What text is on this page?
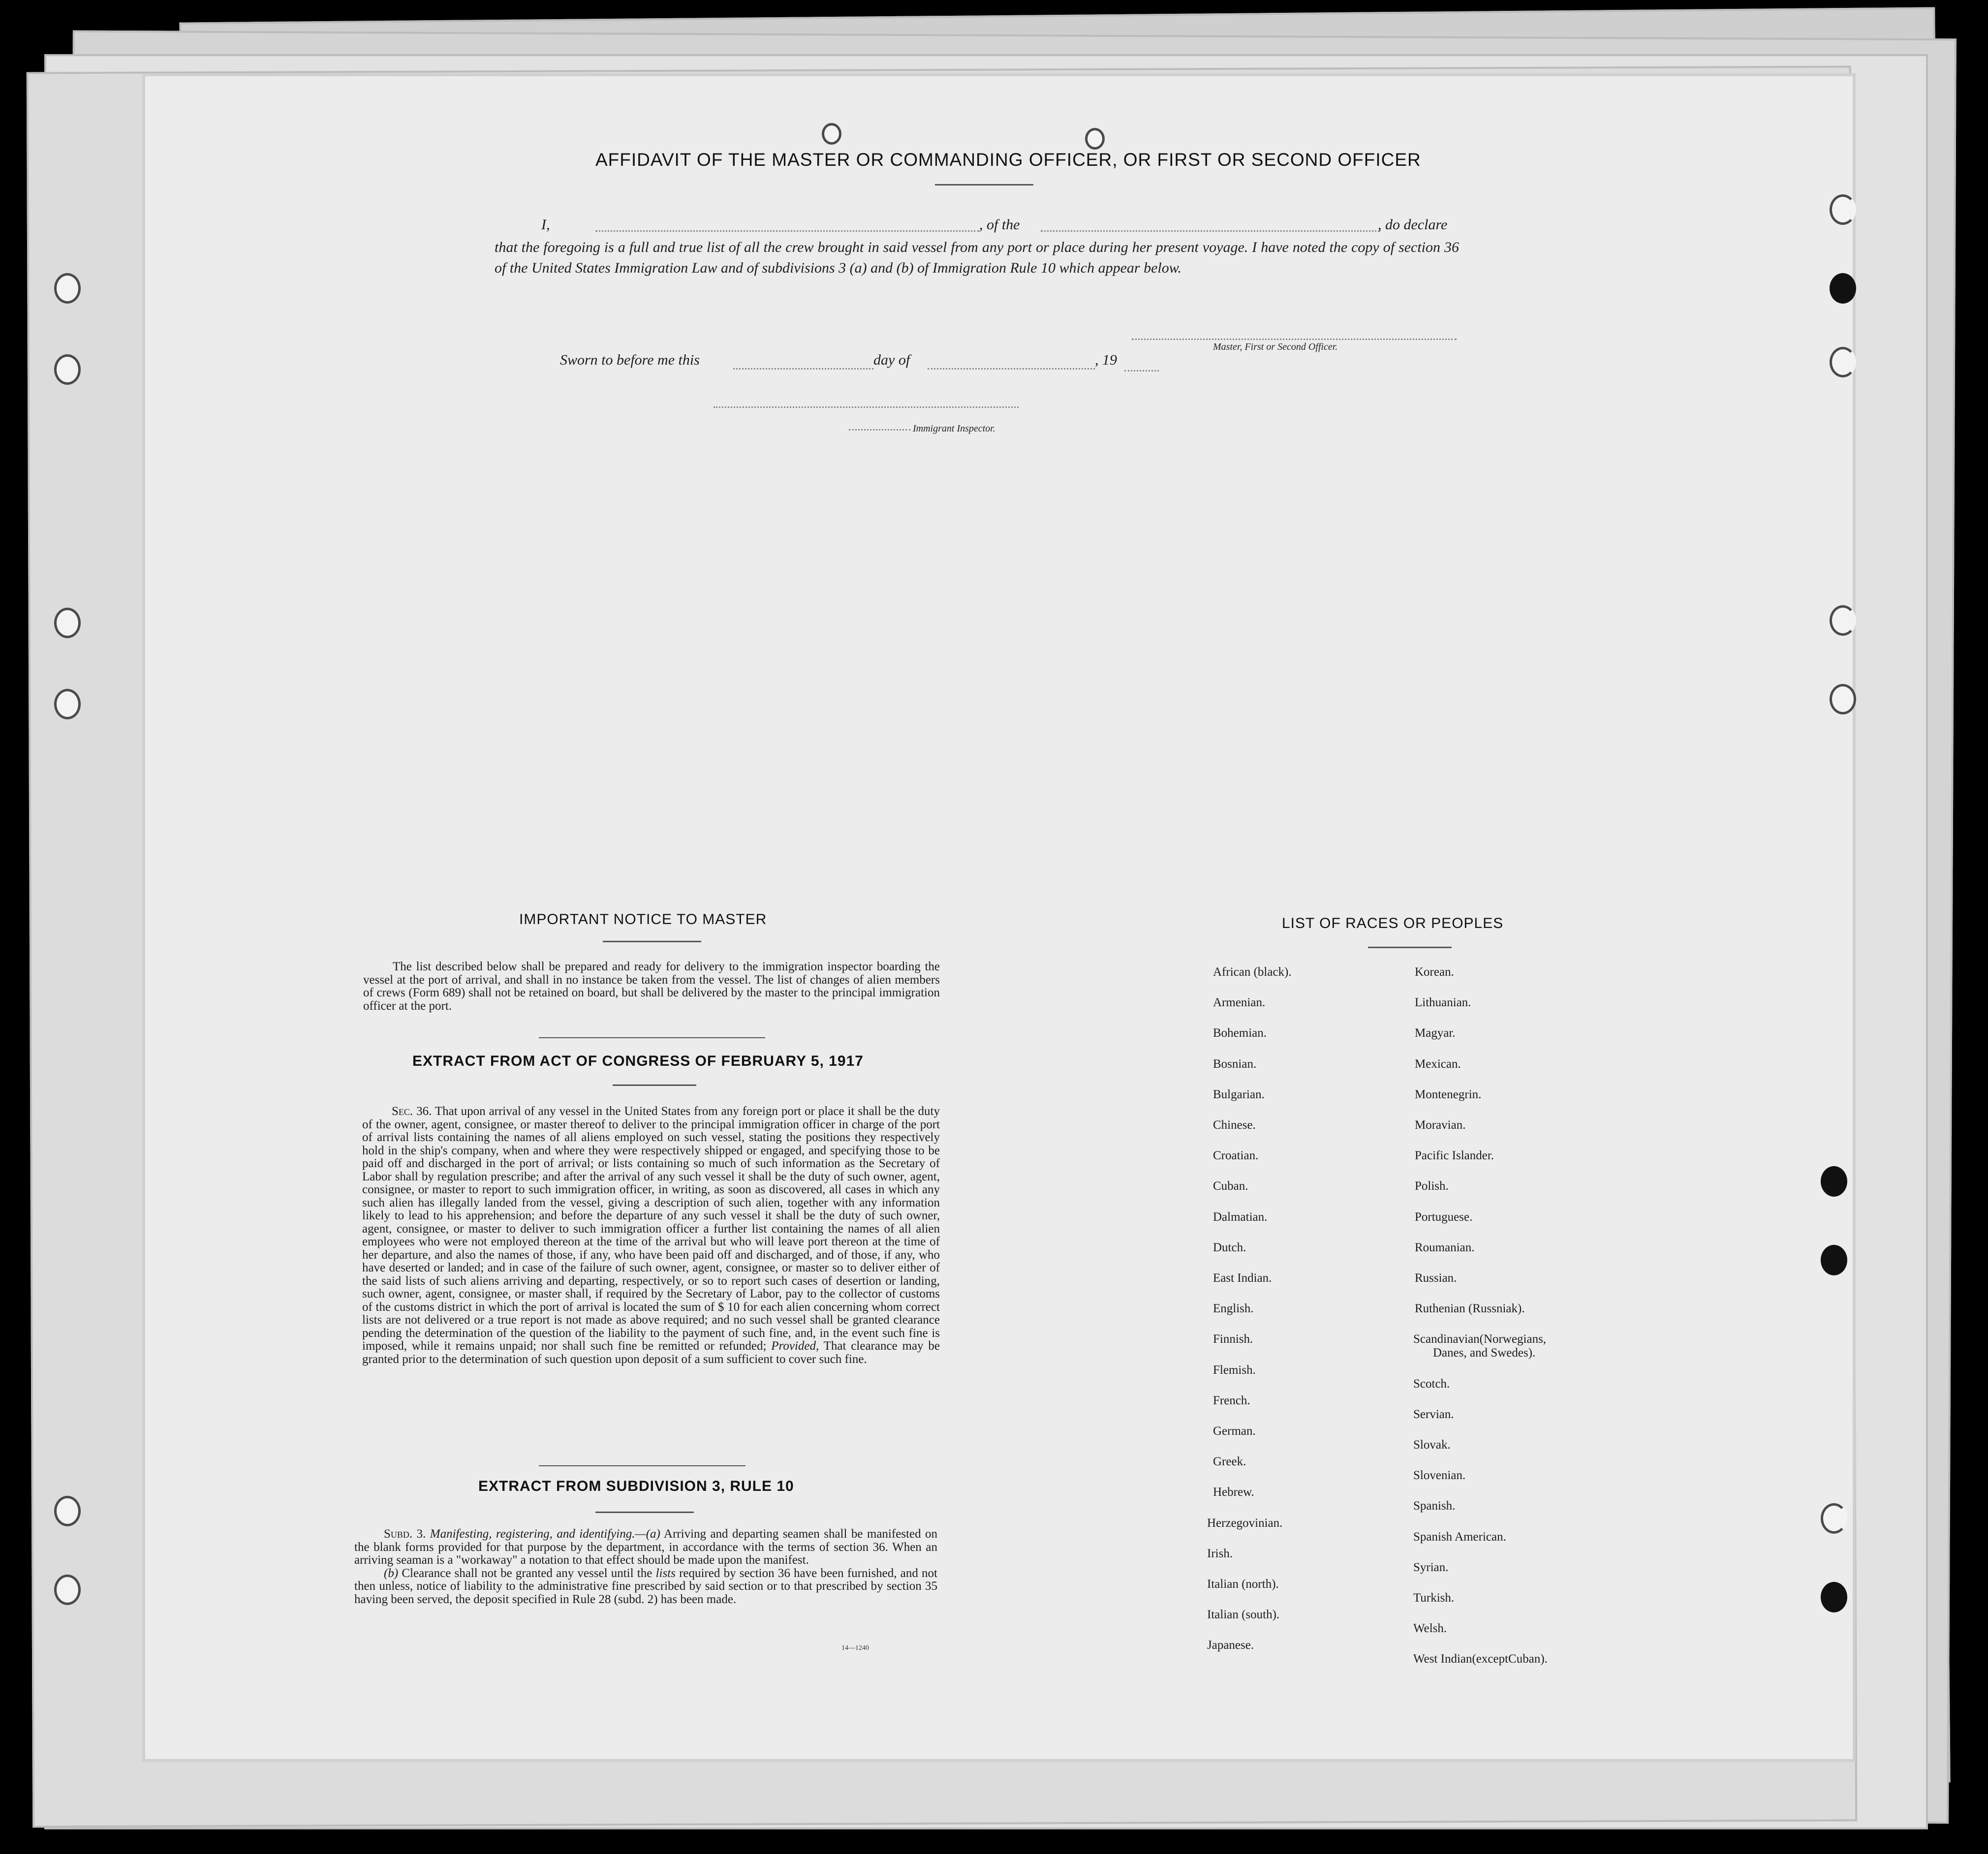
AFFIDAVIT OF THE MASTER OR COMMANDING OFFICER, OR FIRST OR SECOND OFFICER
I,	, of the	, do declare
that the foregoing is a full and true list of all the crew brought in said vessel from any port or place during her present voyage. I have noted the copy of section 36 of the United States Immigration Law and of subdivisions 3 (a) and (b) of Immigration Rule 10 which appear below.
Master, First or Second Officer.
Sworn to before me this	day of	, 19
Immigrant Inspector.
IMPORTANT NOTICE TO MASTER

The list described below shall be prepared and ready for delivery to the immigration inspector boarding the vessel at the port of arrival, and shall in no instance be taken from the vessel. The list of changes of alien members of crews (Form 689) shall not be retained on board, but shall be delivered by the master to the principal immigration officer at the port.

EXTRACT FROM ACT OF CONGRESS OF FEBRUARY 5, 1917

Sec. 36. That upon arrival of any vessel in the United States from any foreign port or place it shall be the duty of the owner, agent, consignee, or master thereof to deliver to the principal immigration officer in charge of the port of arrival lists containing the names of all aliens employed on such vessel, stating the positions they respectively hold in the ship's company, when and where they were respectively shipped or engaged, and specifying those to be paid off and discharged in the port of arrival; or lists containing so much of such information as the Secretary of Labor shall by regulation prescribe; and after the arrival of any such vessel it shall be the duty of such owner, agent, consignee, or master to report to such immigration officer, in writing, as soon as discovered, all cases in which any such alien has illegally landed from the vessel, giving a description of such alien, together with any information likely to lead to his apprehension; and before the departure of any such vessel it shall be the duty of such owner, agent, consignee, or master to deliver to such immigration officer a further list containing the names of all alien employees who were not employed thereon at the time of the arrival but who will leave port thereon at the time of her departure, and also the names of those, if any, who have been paid off and discharged, and of those, if any, who have deserted or landed; and in case of the failure of such owner, agent, consignee, or master so to deliver either of the said lists of such aliens arriving and departing, respectively, or so to report such cases of desertion or landing, such owner, agent, consignee, or master shall, if required by the Secretary of Labor, pay to the collector of customs of the customs district in which the port of arrival is located the sum of $ 10 for each alien concerning whom correct lists are not delivered or a true report is not made as above required; and no such vessel shall be granted clearance pending the determination of the question of the liability to the payment of such fine, and, in the event such fine is imposed, while it remains unpaid; nor shall such fine be remitted or refunded; Provided, That clearance may be granted prior to the determination of such question upon deposit of a sum sufficient to cover such fine.

EXTRACT FROM SUBDIVISION 3, RULE 10

Subd. 3. Manifesting, registering, and identifying.—(a) Arriving and departing seamen shall be manifested on the blank forms provided for that purpose by the department, in accordance with the terms of section 36. When an arriving seaman is a "workaway" a notation to that effect should be made upon the manifest.

(b) Clearance shall not be granted any vessel until the lists required by section 36 have been furnished, and not then unless, notice of liability to the administrative fine prescribed by said section or to that prescribed by section 35 having been served, the deposit specified in Rule 28 (subd. 2) has been made.

14—1240
LIST OF RACES OR PEOPLES
African (black).
Armenian.
Bohemian.
Bosnian.
Bulgarian.
Chinese.
Croatian.
Cuban.
Dalmatian.
Dutch.
East Indian.
English.
Finnish.
Flemish.
French.
German.
Greek.
Hebrew.
Herzegovinian.
Irish.
Italian (north).
Italian (south).
Japanese.
Korean.
Lithuanian.
Magyar.
Mexican.
Montenegrin.
Moravian.
Pacific Islander.
Polish.
Portuguese.
Roumanian.
Russian.
Ruthenian (Russniak).
Scandinavian(Norwegians,
Danes, and Swedes).
Scotch.
Servian.
Slovak.
Slovenian.
Spanish.
Spanish American.
Syrian.
Turkish.
Welsh.
West Indian(exceptCuban).
